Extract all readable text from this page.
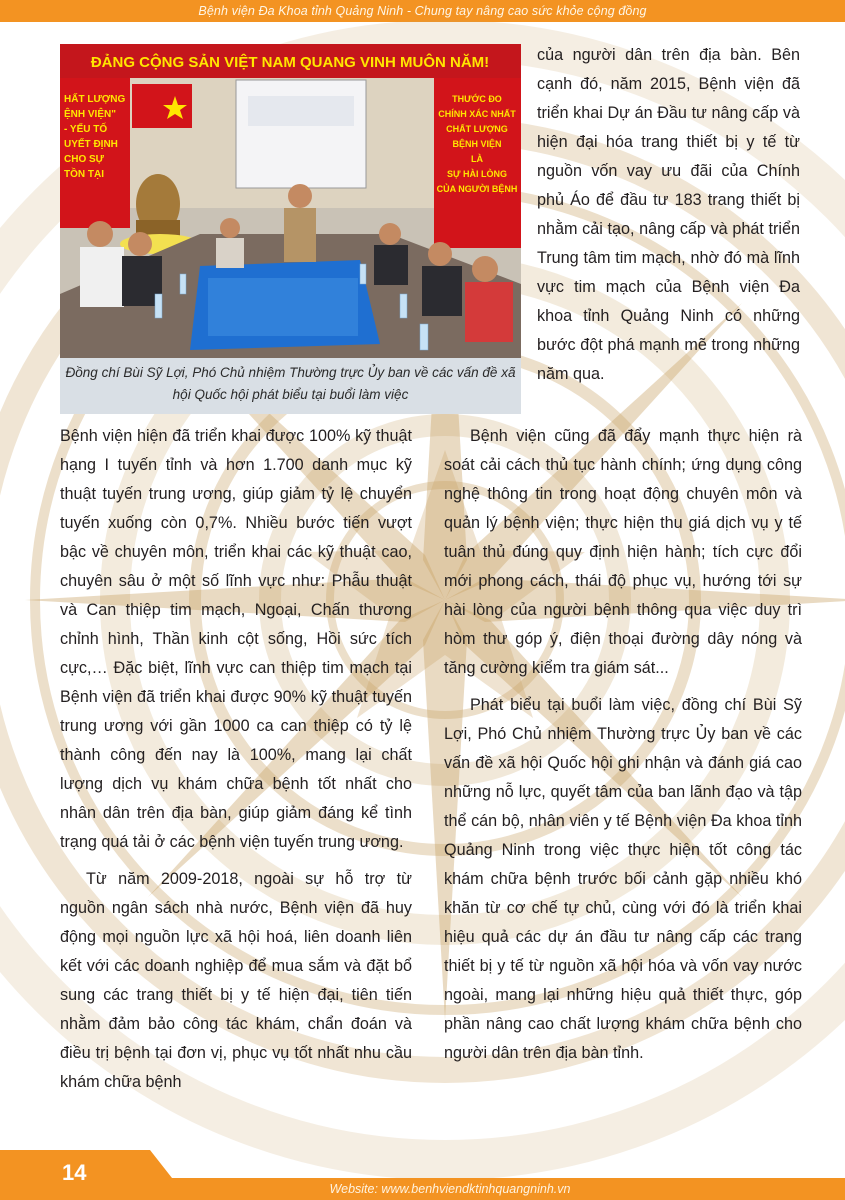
Bệnh viện Đa Khoa tỉnh Quảng Ninh - Chung tay nâng cao sức khỏe cộng đồng
ĐẢNG CỘNG SẢN VIỆT NAM QUANG VINH MUÔN NĂM!
HẤT LƯỢNG
ỆNH VIỆN"
- YẾU TỐ
UYẾT ĐỊNH
CHO SỰ
TỒN TẠI
THƯỚC ĐO
CHÍNH XÁC NHẤT
CHẤT LƯỢNG
BỆNH VIỆN
LÀ
SỰ HÀI LÒNG
CỦA NGƯỜI BỆNH
Đồng chí Bùi Sỹ Lợi, Phó Chủ nhiệm Thường trực Ủy ban về các vấn đề xã hội Quốc hội phát biểu tại buổi làm việc

của người dân trên địa bàn. Bên cạnh đó, năm 2015, Bệnh viện đã triển khai Dự án Đầu tư nâng cấp và hiện đại hóa trang thiết bị y tế từ nguồn vốn vay ưu đãi của Chính phủ Áo để đầu tư 183 trang thiết bị nhằm cải tạo, nâng cấp và phát triển Trung tâm tim mạch, nhờ đó mà lĩnh vực tim mạch của Bệnh viện Đa khoa tỉnh Quảng Ninh có những bước đột phá mạnh mẽ trong những năm qua.

Bệnh viện hiện đã triển khai được 100% kỹ thuật hạng I tuyến tỉnh và hơn 1.700 danh mục kỹ thuật tuyến trung ương, giúp giảm tỷ lệ chuyển tuyến xuống còn 0,7%. Nhiều bước tiến vượt bậc về chuyên môn, triển khai các kỹ thuật cao, chuyên sâu ở một số lĩnh vực như: Phẫu thuật và Can thiệp tim mạch, Ngoại, Chấn thương chỉnh hình, Thần kinh cột sống, Hồi sức tích cực,… Đặc biệt, lĩnh vực can thiệp tim mạch tại Bệnh viện đã triển khai được 90% kỹ thuật tuyến trung ương với gần 1000 ca can thiệp có tỷ lệ thành công đến nay là 100%, mang lại chất lượng dịch vụ khám chữa bệnh tốt nhất cho nhân dân trên địa bàn, giúp giảm đáng kể tình trạng quá tải ở các bệnh viện tuyến trung ương.

Từ năm 2009-2018, ngoài sự hỗ trợ từ nguồn ngân sách nhà nước, Bệnh viện đã huy động mọi nguồn lực xã hội hoá, liên doanh liên kết với các doanh nghiệp để mua sắm và đặt bổ sung các trang thiết bị y tế hiện đại, tiên tiến nhằm đảm bảo công tác khám, chẩn đoán và điều trị bệnh tại đơn vị, phục vụ tốt nhất nhu cầu khám chữa bệnh

Bệnh viện cũng đã đẩy mạnh thực hiện rà soát cải cách thủ tục hành chính; ứng dụng công nghệ thông tin trong hoạt động chuyên môn và quản lý bệnh viện; thực hiện thu giá dịch vụ y tế tuân thủ đúng quy định hiện hành; tích cực đổi mới phong cách, thái độ phục vụ, hướng tới sự hài lòng của người bệnh thông qua việc duy trì hòm thư góp ý, điện thoại đường dây nóng và tăng cường kiểm tra giám sát...

Phát biểu tại buổi làm việc, đồng chí Bùi Sỹ Lợi, Phó Chủ nhiệm Thường trực Ủy ban về các vấn đề xã hội Quốc hội ghi nhận và đánh giá cao những nỗ lực, quyết tâm của ban lãnh đạo và tập thể cán bộ, nhân viên y tế Bệnh viện Đa khoa tỉnh Quảng Ninh trong việc thực hiện tốt công tác khám chữa bệnh trước bối cảnh gặp nhiều khó khăn từ cơ chế tự chủ, cùng với đó là triển khai hiệu quả các dự án đầu tư nâng cấp các trang thiết bị y tế từ nguồn xã hội hóa và vốn vay nước ngoài, mang lại những hiệu quả thiết thực, góp phần nâng cao chất lượng khám chữa bệnh cho người dân trên địa bàn tỉnh.

14
Website: www.benhviendktinhquangninh.vn
